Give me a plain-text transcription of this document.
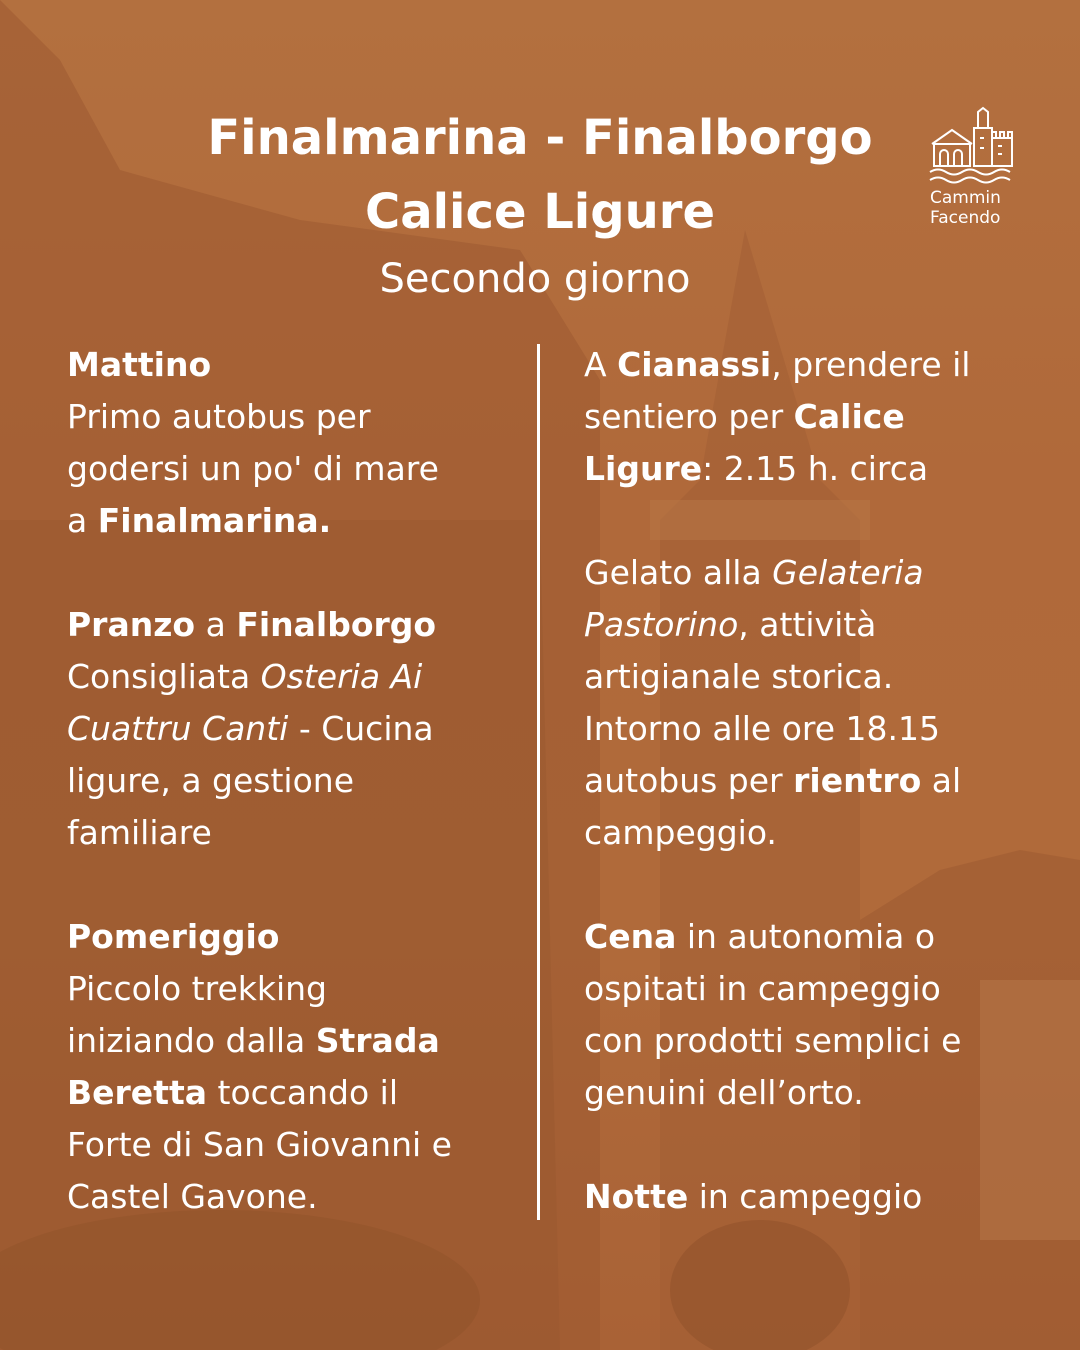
Finalmarina - Finalborgo
Calice Ligure
Secondo giorno
Cammin
Facendo
Mattino
Primo autobus per
godersi un po' di mare
a Finalmarina.
Pranzo a Finalborgo
Consigliata Osteria Ai
Cuattru Canti - Cucina
ligure, a gestione
familiare
Pomeriggio
Piccolo trekking
iniziando dalla Strada
Beretta toccando il
Forte di San Giovanni e
Castel Gavone.
A Cianassi, prendere il
sentiero per Calice
Ligure: 2.15 h. circa
Gelato alla Gelateria
Pastorino, attività
artigianale storica.
Intorno alle ore 18.15
autobus per rientro al
campeggio.
Cena in autonomia o
ospitati in campeggio
con prodotti semplici e
genuini dell’orto.
Notte in campeggio
